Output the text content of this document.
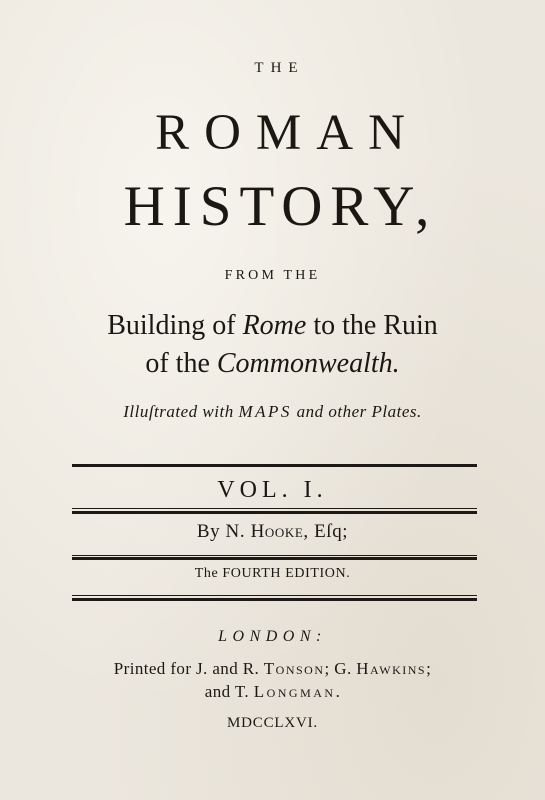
THE
ROMAN
HISTORY,
FROM THE
Building of Rome to the Ruin
of the Commonwealth.
Illuſtrated with MAPS and other Plates.
VOL. I.
By N. Hooke, Eſq;
The FOURTH EDITION.
LONDON:
Printed for J. and R. Tonson; G. Hawkins;
and T. Longman.
MDCCLXVI.
